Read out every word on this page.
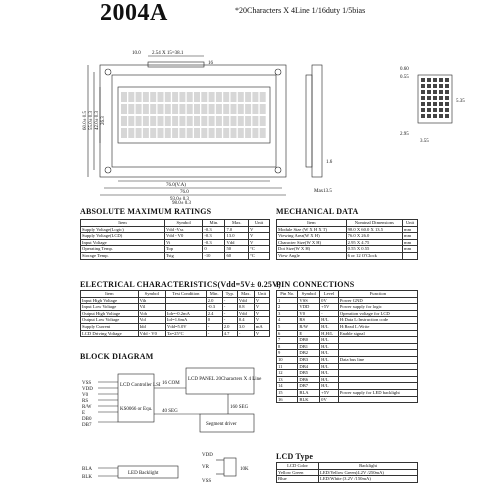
2004A	*20Characters X 4Line 1/16duty 1/5bias
10.0 2.54 X 15=38.1
16
76.0(V.A)
76.0
93.0± 0.3
98.0± 0.3
60.0± 0.5 55.0± 0.3 42.0± 0.3 26.3
0.60
0.55
5.35
2.95
3.55
1.6
Max13.5
ABSOLUTE MAXIMUM RATINGS
Item	Symbol	Min.	Max.	Unit
Supply Voltage(Logic)	Vdd -Vss	-0.3	7.0	V
Supply Voltage(LCD)	Vdd - V0	-0.3	13.0	V
Input Voltage	Vi	-0.3	Vdd	V
Operating Temp.	Top	0	50	°C
Storage Temp.	Tstg	-10	60	°C
MECHANICAL DATA
Item	Nominal Dimensions	Unit
Module Size (W X H X T)	98.0 X 60.0 X 13.5	mm
Viewing Area(W X H)	76.0 X 26.0	mm
Character Size(W X H)	2.95 X 4.75	mm
Dot Size(W X H)	0.55 X 0.55	mm
View Angle	6 or 12 O'Clock	
ELECTRICAL CHARACTERISTICS(Vdd=5V± 0.25V)
Item	Symbol	Test Condition	Min.	Typ.	Max.	Unit
Input High Voltage	Vih		2.0	-	Vdd	V
Input Low Voltage	Vil		-0.3	-	0.8	V
Output High Voltage	Voh	Ioh=-0.2mA	2.4	-	Vdd	V
Output Low Voltage	Vol	Iol=1.6mA	0	-	0.4	V
Supply Current	Idd	Vdd=5.0V	-	2.0	3.0	mA
LCD Driving Voltage	Vdd - V0	Ta=25°C	-	4.7	-	V
PIN CONNECTIONS
Pin No.	Symbol	Level	Function
1	VSS	0V	Power GND
2	VDD	+5V	Power supply for logic
3	V0	-	Operation voltage for LCD
4	RS	H/L	H:Data L:Instruction code
5	R/W	H/L	H:Read L:Write
6	E	H,H/L	Enable signal
7	DB0	H/L	
8	DB1	H/L	
9	DB2	H/L	
10	DB3	H/L	Data bus line
11	DB4	H/L	
12	DB5	H/L	
13	DB6	H/L	
14	DB7	H/L	
15	BLA	+5V	Power supply for LED backlight
16	BLK	0V	
BLOCK DIAGRAM
VSS
VDD
V0
RS
R/W
E
DB0
DB7
BLA
BLK
LCD Controller LSI
KS0066 or Equ.
LCD PANEL 20Characters X 4 Line
Segment driver
LED Backlight
16 COM
40 SEG
160 SEG
VDD
VR
VSS
10K
LCD Type
LCD Color	Backlight
Yellow Green	LED/Yellow Green(4.2V /250mA)
Blue	LED/White (3.2V /150mA)
